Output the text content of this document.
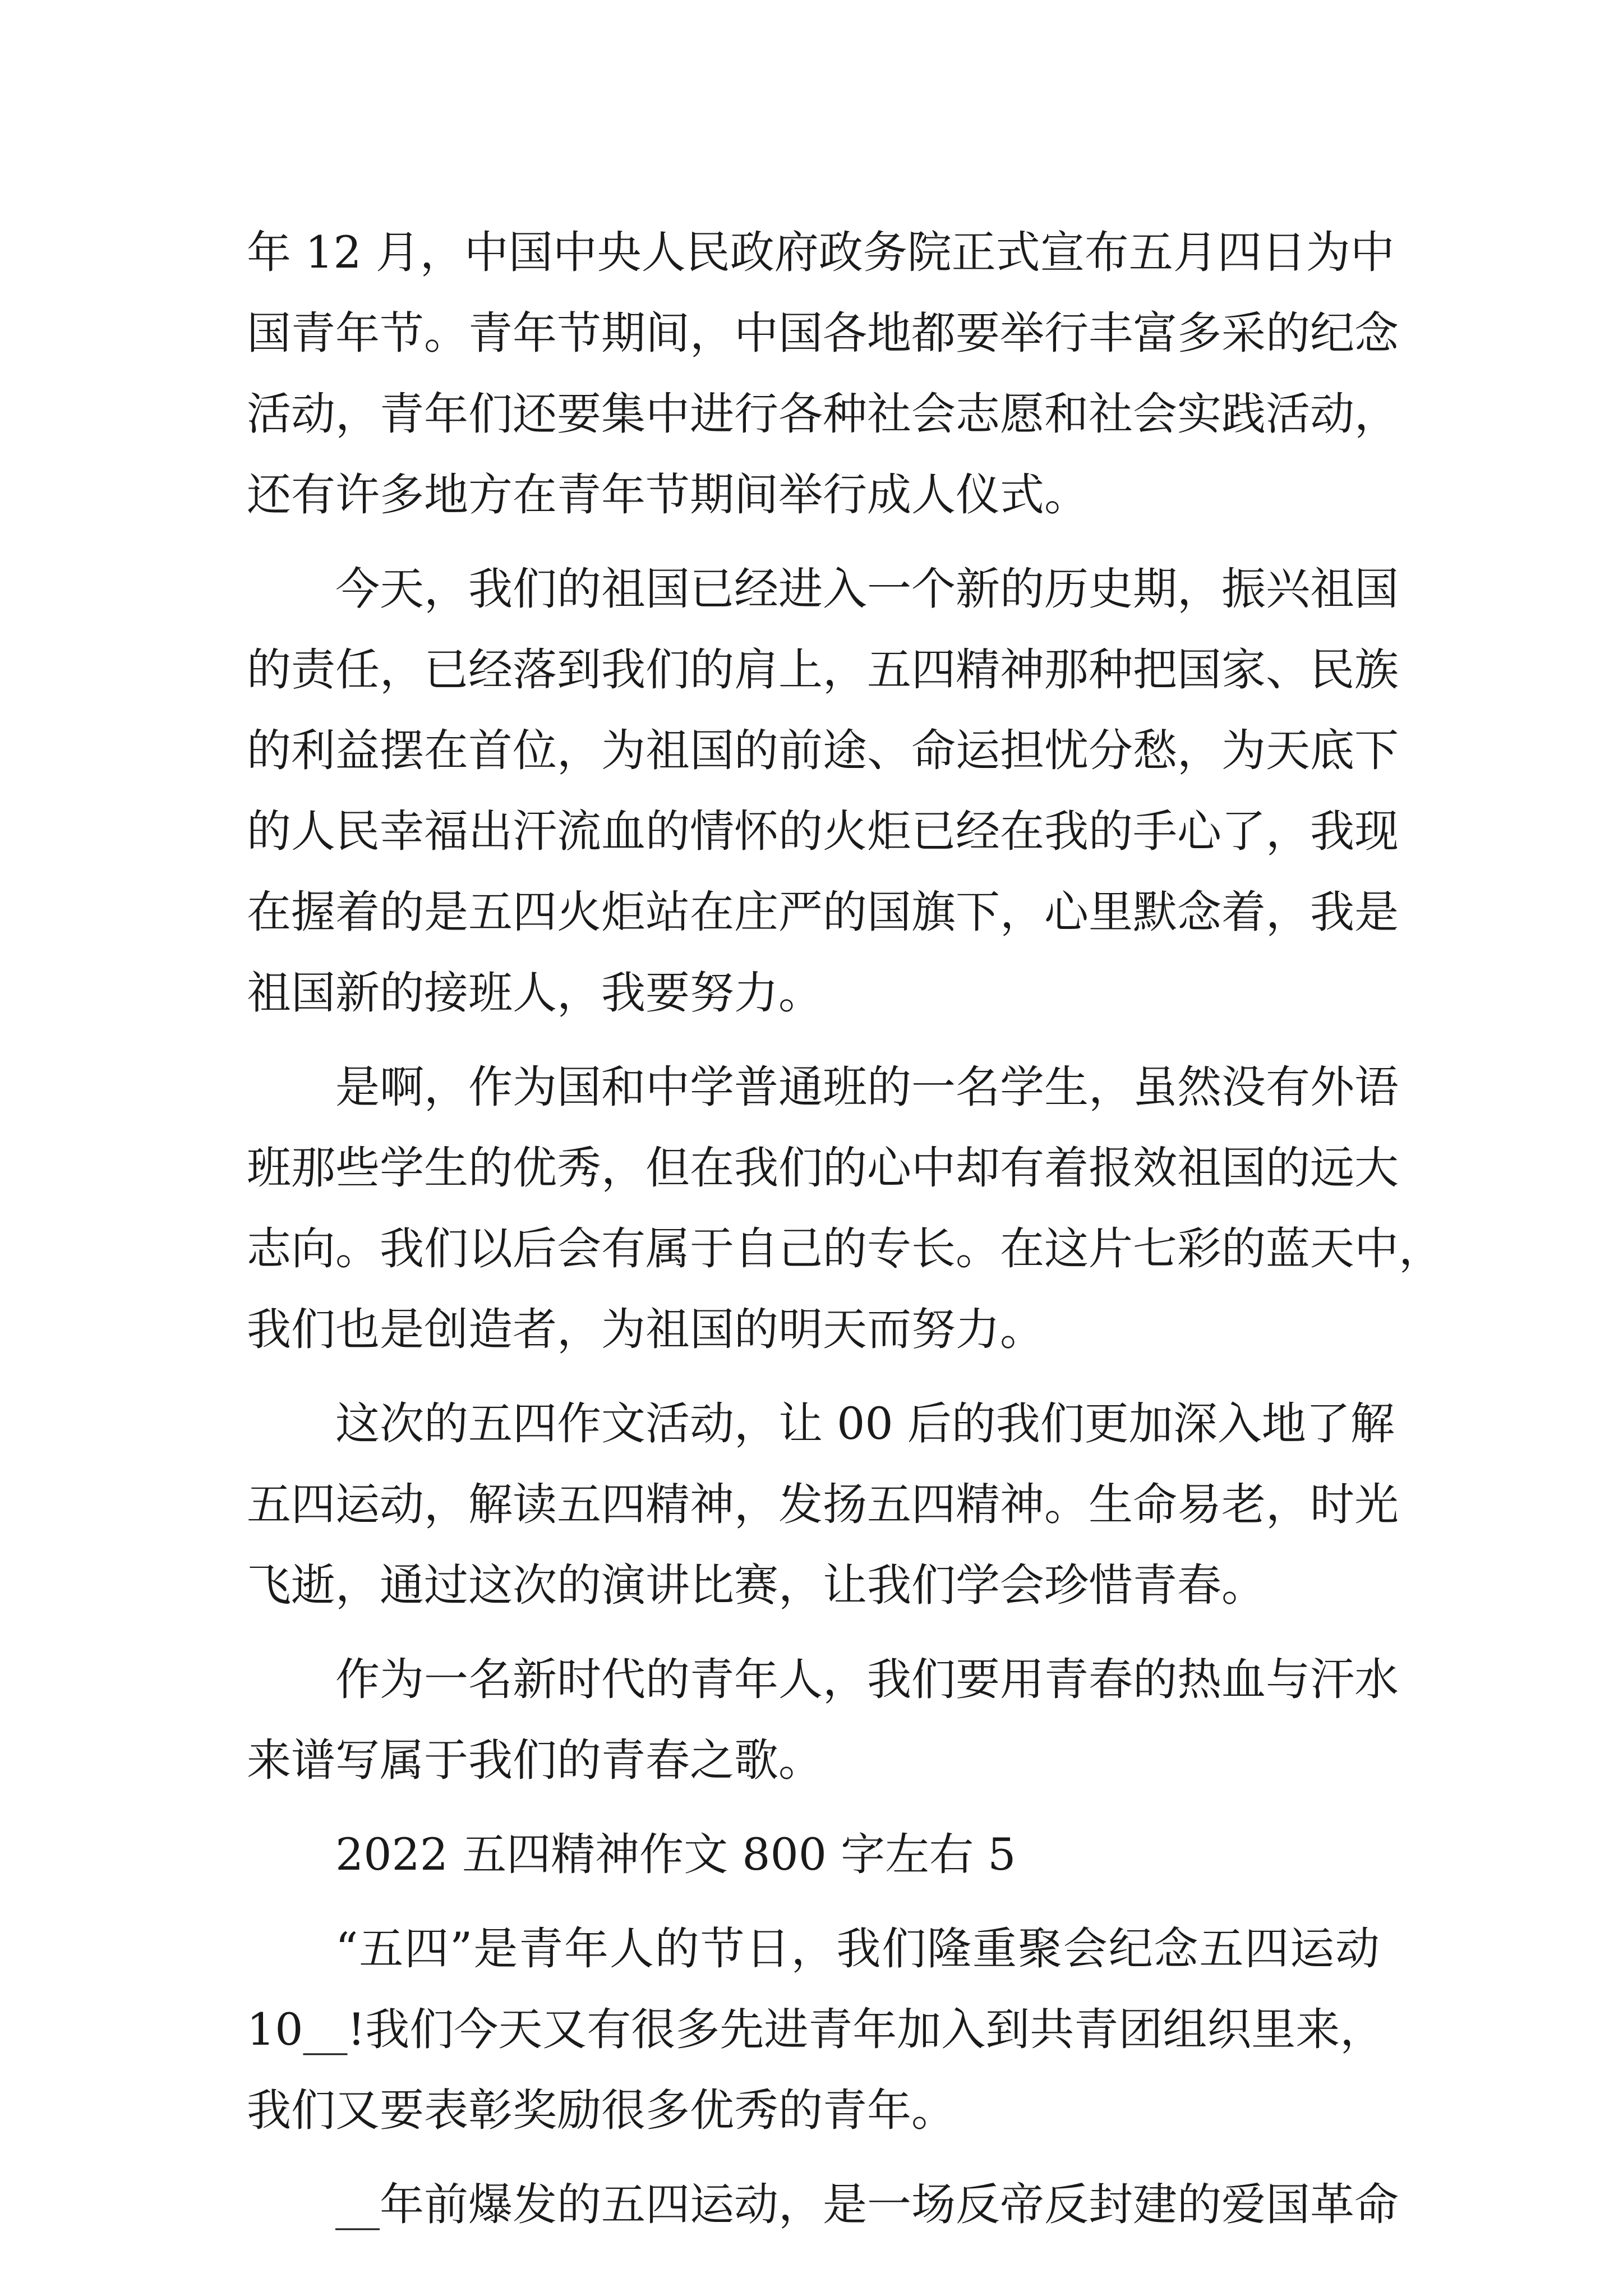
年 12 月，中国中央人民政府政务院正式宣布五月四日为中
国青年节。青年节期间，中国各地都要举行丰富多采的纪念
活动，青年们还要集中进行各种社会志愿和社会实践活动，
还有许多地方在青年节期间举行成人仪式。
今天，我们的祖国已经进入一个新的历史期，振兴祖国
的责任，已经落到我们的肩上，五四精神那种把国家、民族
的利益摆在首位，为祖国的前途、命运担忧分愁，为天底下
的人民幸福出汗流血的情怀的火炬已经在我的手心了，我现
在握着的是五四火炬站在庄严的国旗下，心里默念着，我是
祖国新的接班人，我要努力。
是啊，作为国和中学普通班的一名学生，虽然没有外语
班那些学生的优秀，但在我们的心中却有着报效祖国的远大
志向。我们以后会有属于自己的专长。在这片七彩的蓝天中，
我们也是创造者，为祖国的明天而努力。
这次的五四作文活动，让 00 后的我们更加深入地了解
五四运动，解读五四精神，发扬五四精神。生命易老，时光
飞逝，通过这次的演讲比赛，让我们学会珍惜青春。
作为一名新时代的青年人，我们要用青春的热血与汗水
来谱写属于我们的青春之歌。
2022 五四精神作文 800 字左右 5
“五四”是青年人的节日，我们隆重聚会纪念五四运动
10__!我们今天又有很多先进青年加入到共青团组织里来，
我们又要表彰奖励很多优秀的青年。
__年前爆发的五四运动，是一场反帝反封建的爱国革命
